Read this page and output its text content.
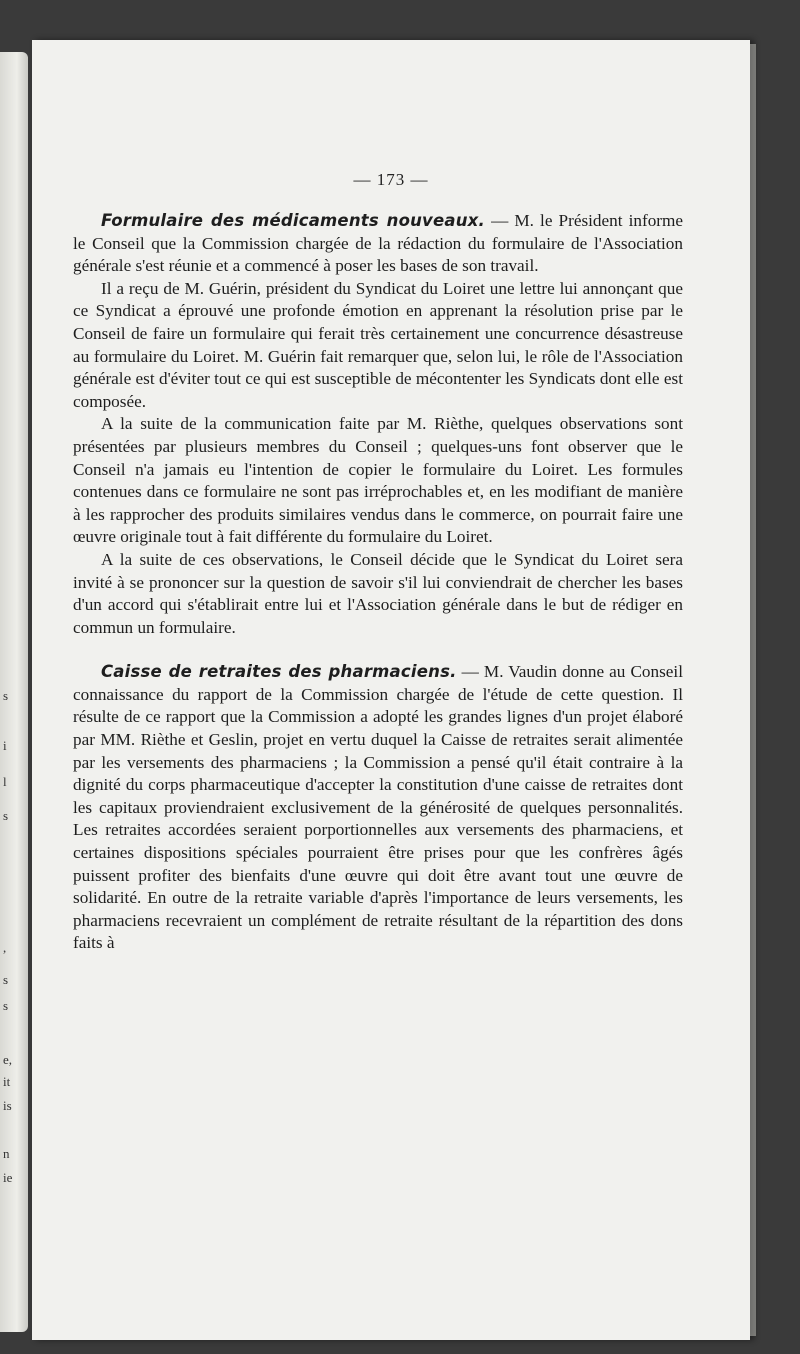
s
i
l
s
,
s
s
e,
it
is
n
ie
— 173 —

Formulaire des médicaments nouveaux. — M. le Président informe le Conseil que la Commission chargée de la rédaction du formulaire de l'Association générale s'est réunie et a commencé à poser les bases de son travail.

Il a reçu de M. Guérin, président du Syndicat du Loiret une lettre lui annonçant que ce Syndicat a éprouvé une profonde émotion en apprenant la résolution prise par le Conseil de faire un formulaire qui ferait très certainement une concurrence désastreuse au formulaire du Loiret. M. Guérin fait remarquer que, selon lui, le rôle de l'Association générale est d'éviter tout ce qui est susceptible de mécontenter les Syndicats dont elle est composée.

A la suite de la communication faite par M. Rièthe, quelques observations sont présentées par plusieurs membres du Conseil ; quelques-uns font observer que le Conseil n'a jamais eu l'intention de copier le formulaire du Loiret. Les formules contenues dans ce formulaire ne sont pas irréprochables et, en les modifiant de manière à les rapprocher des produits similaires vendus dans le commerce, on pourrait faire une œuvre originale tout à fait différente du formulaire du Loiret.

A la suite de ces observations, le Conseil décide que le Syndicat du Loiret sera invité à se prononcer sur la question de savoir s'il lui conviendrait de chercher les bases d'un accord qui s'établirait entre lui et l'Association générale dans le but de rédiger en commun un formulaire.

Caisse de retraites des pharmaciens. — M. Vaudin donne au Conseil connaissance du rapport de la Commission chargée de l'étude de cette question. Il résulte de ce rapport que la Commission a adopté les grandes lignes d'un projet élaboré par MM. Rièthe et Geslin, projet en vertu duquel la Caisse de retraites serait alimentée par les versements des pharmaciens ; la Commission a pensé qu'il était contraire à la dignité du corps pharmaceutique d'accepter la constitution d'une caisse de retraites dont les capitaux proviendraient exclusivement de la générosité de quelques personnalités. Les retraites accordées seraient porportionnelles aux versements des pharmaciens, et certaines dispositions spéciales pourraient être prises pour que les confrères âgés puissent profiter des bienfaits d'une œuvre qui doit être avant tout une œuvre de solidarité. En outre de la retraite variable d'après l'importance de leurs versements, les pharmaciens recevraient un complément de retraite résultant de la répartition des dons faits à
